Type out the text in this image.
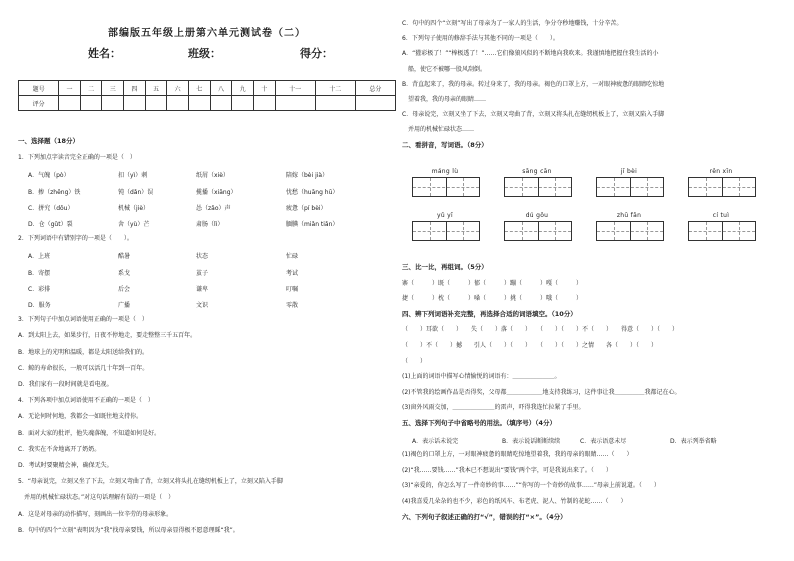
部编版五年级上册第六单元测试卷（二）
姓名：	班级：	得分：
题号	一	二	三	四	五	六	七	八	九	十	十一	十二	总分
评分													
一、选择题（18分）
1．下列加点字读音完全正确的一项是（　）
A．气魄（pò）	扣（yì）刺	纸屑（xiè）	陪嫁（bèi jià）
B．掺（zhēng）铁	钝（dǎn）误	揽播（xiāng）	忧愁（huāng hū）
C．拼究（dōu）	机械（jiè）	怂（zǎo）声	疲惫（pí bèi）
D．仓（gǔt）裂	舍（yù）芒	肃肠（lì）	腼腆（miǎn tiǎn）
2．下列词语中有错别字的一项是（　　）。
A．上班	酷暑	状态	忙碌
B．寄摆	系戈	茧子	考试
C．彩排	后会	谦卑	叮嘱
D．服务	广播	文识	零散
3．下列句子中加点词语使用正确的一项是（　）
A．到太阳上去，如果步行，日夜不停地走，要走整整三千五百年。
B．地球上的光明和温暖，都是太阳送给我们的。
C．鲸的寿命很长，一般可以活几十年到一百年。
D．我们家有一段时间就是看电视。
4．下列各项中加点词语使用不正确的一项是（　）
A．无论何时何地，我都会一如既往地支持你。
B．面对大家的批评，他失魂落魄，不知道如何是好。
C．我实在不舍地离开了奶奶。
D．考试时要聚精会神，确保无失。
5．“母亲说完，立刻又坐了下去，立刻又弯曲了背，立刻又将头扎在缝纫机板上了，立刻又陷入手脚
　并用的机械忙碌状态。”对这句话理解有误的一项是（　）
A．这是对母亲的动作描写，刻画出一位辛劳的母亲形象。
B．句中的四个“立刻”表明因为“我”找母亲要钱，所以母亲显得极不愿意理睬“我”。
C．句中的四个“立刻”写出了母亲为了一家人的生活，争分夺秒地赚钱，十分辛苦。
6．下列句子使用的修辞手法与其他不同的一项是（　　）。
A．“獾彩极了！”“棒极透了！”……它们像狼风似的不断地向我吹来。我谨慎地把握住我生活的小
　船，使它不被哪一股风刮倒。
B．背直起来了，我的母亲。转过身来了，我的母亲。褐色的口罩上方，一对眼神疲惫的眼睛吃惊地
　望着我，我的母亲的眼睛……
C．母亲说完，立刻又坐了下去，立刻又弯曲了背，立刻又将头扎在缝纫机板上了，立刻又陷入手脚
　并用的机械忙碌状态……
二、看拼音，写词语。（8分）
máng lù	sāng cān	jī bèi	rěn xīn
yǔ yī	dú gōu	zhū fān	cí tuì
三、比一比，再组词。（5分）
寨（　　　）既（　　　）郁（　　　）蹦（　　　）嘎（　　　）
捷（　　　）枕（　　　）嗓（　　　）挑（　　　）哦（　　　）
四、辨下列词语补充完整，再选择合适的词语填空。（10分）
（　　）耳欲（　　）　　失（　　）落（　　）　　（　　）（　　）不（　　）　　得意（　　）（　　）
（　　）不（　　）撼　　引人（　　）（　　）　　（　　）（　　）之情　　各（　　）（　　）
（　　）
(1)上面的词语中描写心情愉悦的词语有：＿＿＿＿＿＿＿。
(2)不管我的绘画作品是否得奖，父母都＿＿＿＿＿＿地支持我练习，这件事让我＿＿＿＿＿我都记在心。
(3)窗外风雨交加，＿＿＿＿＿＿＿的雷声，吓得我连忙拉紧了手里。
五、选择下列句子中省略号的用法。（填序号）（4分）
A．表示话未说完	B．表示说话断断续续	C．表示语意未尽	D．表示列举省略
(1)褐色的口罩上方，一对眼神疲惫的眼睛吃惊地望着我，我的母亲的眼睛……（　　）
(2)“我……要钱……”我本已不想说出“要钱”两个字，可是我说出来了。（　　）
(3)“亲爱的，你怎么写了一件奇妙的事……”“你写的一个奇妙的故事……”母亲上前说道。（　　）
(4)我喜爱几朵杂的也不少，彩色的纸风车、布老虎、泥人、竹制的花蛇……（　　）
六、下列句子叙述正确的打“√”，错误的打“×”。（4分）
